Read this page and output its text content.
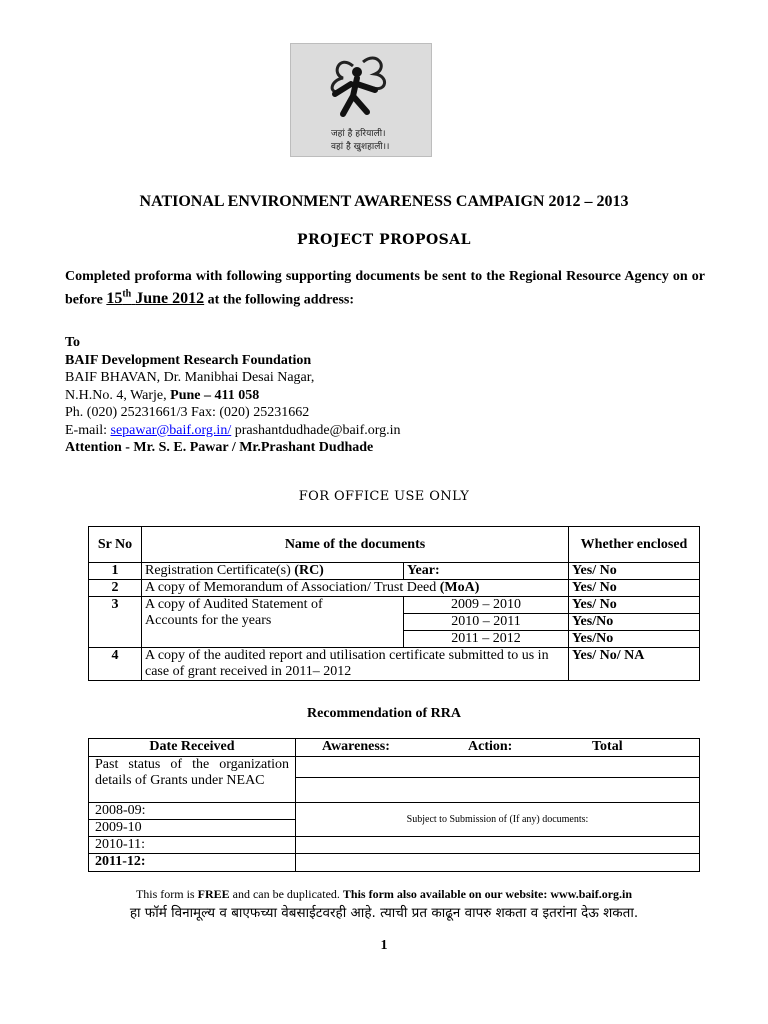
जहां है हरियाली।
वहां है खुशहाली।।
NATIONAL ENVIRONMENT AWARENESS CAMPAIGN 2012 – 2013
PROJECT PROPOSAL
Completed proforma with following supporting documents be sent to the Regional Resource Agency on or before 15th June 2012 at the following address:
To
BAIF Development Research Foundation
BAIF BHAVAN, Dr. Manibhai Desai Nagar,
N.H.No. 4, Warje, Pune – 411 058
Ph. (020) 25231661/3 Fax: (020) 25231662
E-mail: sepawar@baif.org.in/ prashantdudhade@baif.org.in
Attention - Mr. S. E. Pawar / Mr.Prashant Dudhade
FOR OFFICE USE ONLY
Sr No	Name of the documents		Whether enclosed
1	Registration Certificate(s) (RC)	Year:	Yes/ No
2	A copy of Memorandum of Association/ Trust Deed (MoA)		Yes/ No
3	A copy of Audited Statement of Accounts for the years	2009 – 2010	Yes/ No
		2010 – 2011	Yes/No
		2011 – 2012	Yes/No
4	A copy of the audited report and utilisation certificate submitted to us in case of grant received in 2011– 2012		Yes/ No/ NA
Recommendation of RRA
Date Received	Awareness: Action: Total

Past status of the organization details of Grants under NEAC	

2008-09:	Subject to Submission of (If any) documents:
2009-10	
2010-11:	
2011-12:	
This form is FREE and can be duplicated. This form also available on our website: www.baif.org.in
हा फॉर्म विनामूल्य व बाएफच्या वेबसाईटवरही आहे. त्याची प्रत काढून वापरु शकता व इतरांना देऊ शकता.
1
